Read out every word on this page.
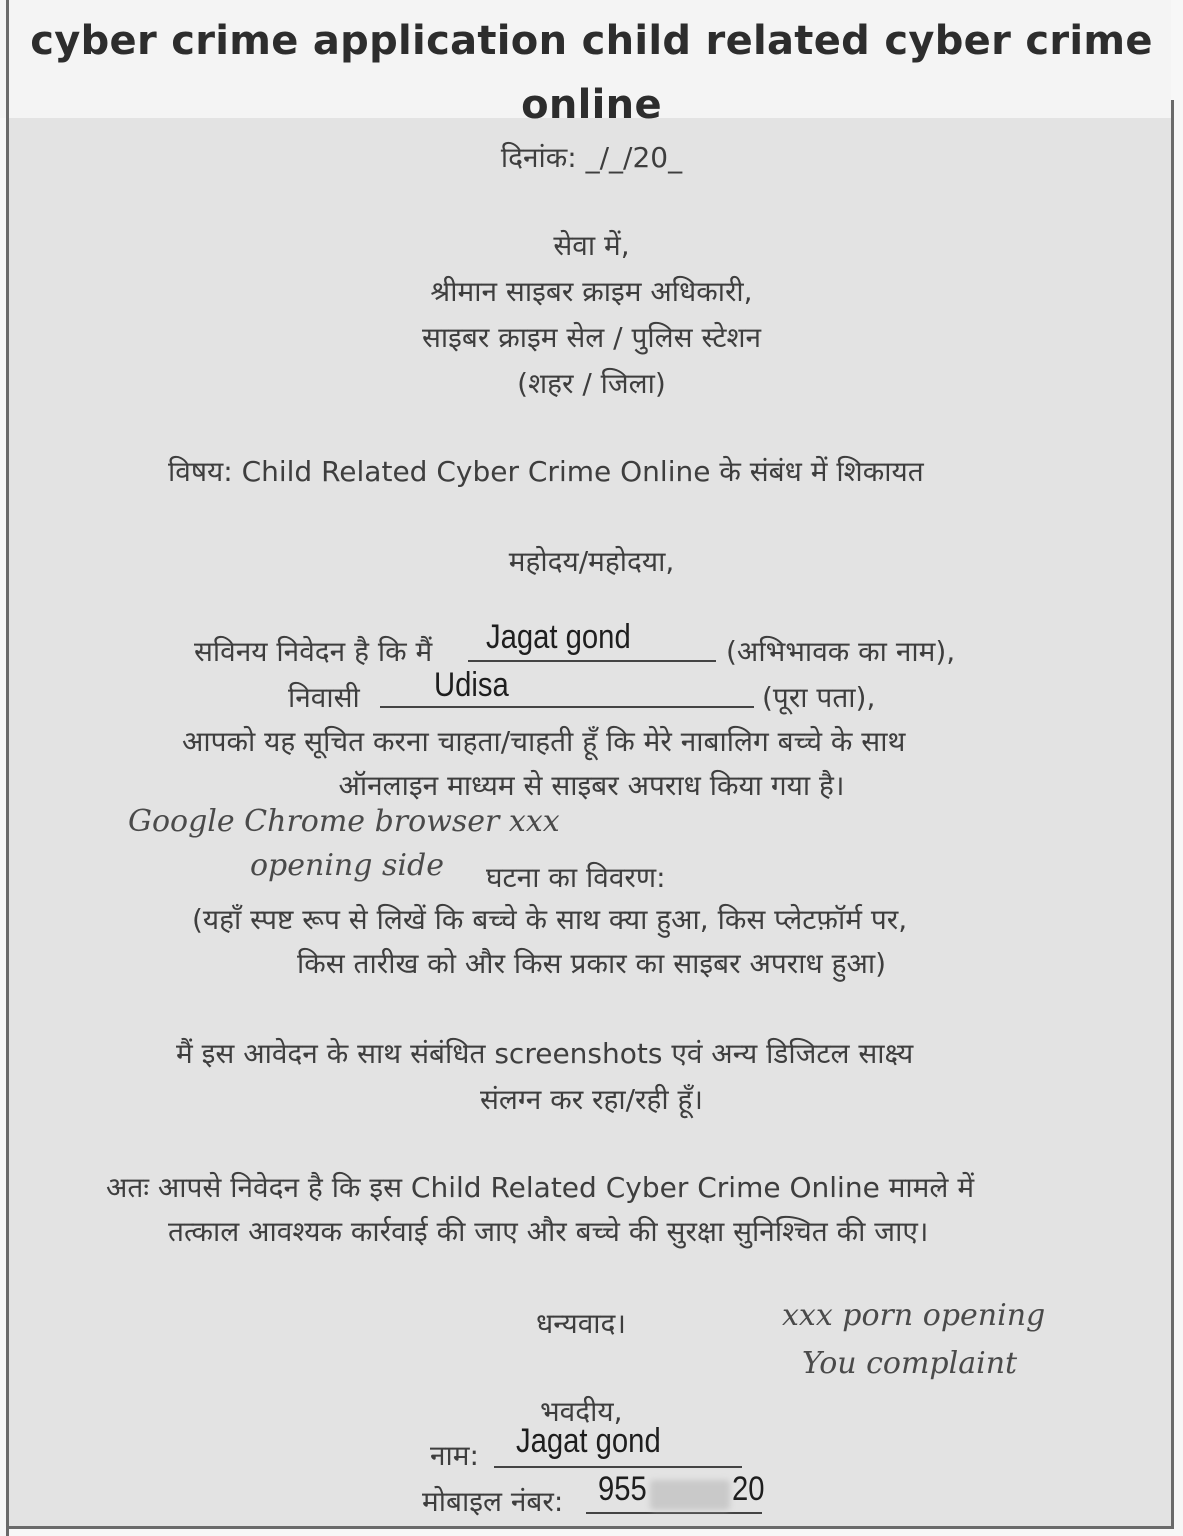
cyber crime application child related cyber crime
online
दिनांक: _/_/20_
सेवा में,
श्रीमान साइबर क्राइम अधिकारी,
साइबर क्राइम सेल / पुलिस स्टेशन
(शहर / जिला)
विषय: Child Related Cyber Crime Online के संबंध में शिकायत
महोदय/महोदया,
सविनय निवेदन है कि मैं Jagat gond	(अभिभावक का नाम),
निवासी Udisa	(पूरा पता),
आपको यह सूचित करना चाहता/चाहती हूँ कि मेरे नाबालिग बच्चे के साथ
ऑनलाइन माध्यम से साइबर अपराध किया गया है।
Google Chrome browser xxx
opening side घटना का विवरण:
(यहाँ स्पष्ट रूप से लिखें कि बच्चे के साथ क्या हुआ, किस प्लेटफ़ॉर्म पर,
किस तारीख को और किस प्रकार का साइबर अपराध हुआ)
मैं इस आवेदन के साथ संबंधित screenshots एवं अन्य डिजिटल साक्ष्य
संलग्न कर रहा/रही हूँ।
अतः आपसे निवेदन है कि इस Child Related Cyber Crime Online मामले में
तत्काल आवश्यक कार्रवाई की जाए और बच्चे की सुरक्षा सुनिश्चित की जाए।
धन्यवाद।	xxx porn opening
You complaint
भवदीय,
नाम: Jagat gond
मोबाइल नंबर: 955	20
